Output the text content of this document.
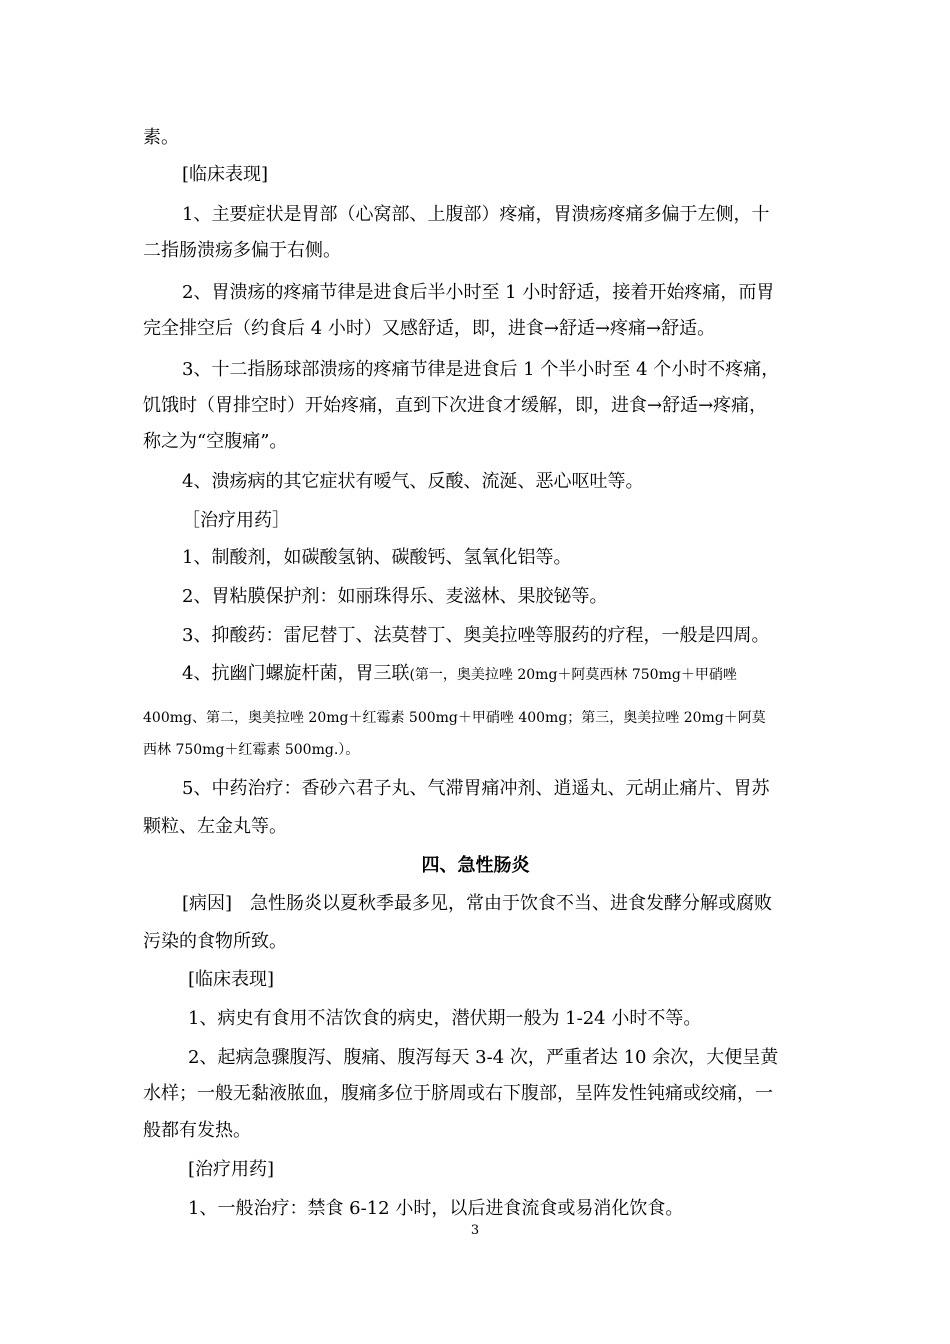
素。

[临床表现]

1、主要症状是胃部（心窝部、上腹部）疼痛，胃溃疡疼痛多偏于左侧，十

二指肠溃疡多偏于右侧。

2、胃溃疡的疼痛节律是进食后半小时至 1 小时舒适，接着开始疼痛，而胃

完全排空后（约食后 4 小时）又感舒适，即，进食→舒适→疼痛→舒适。

3、十二指肠球部溃疡的疼痛节律是进食后 1 个半小时至 4 个小时不疼痛，

饥饿时（胃排空时）开始疼痛，直到下次进食才缓解，即，进食→舒适→疼痛，

称之为“空腹痛”。

4、溃疡病的其它症状有嗳气、反酸、流涎、恶心呕吐等。

［治疗用药］

1、制酸剂，如碳酸氢钠、碳酸钙、氢氧化铝等。

2、胃粘膜保护剂：如丽珠得乐、麦滋林、果胶铋等。

3、抑酸药：雷尼替丁、法莫替丁、奥美拉唑等服药的疗程，一般是四周。

4、抗幽门螺旋杆菌，胃三联(第一，奥美拉唑 20mg＋阿莫西林 750mg＋甲硝唑

400mg、第二，奥美拉唑 20mg＋红霉素 500mg＋甲硝唑 400mg；第三，奥美拉唑 20mg＋阿莫

西林 750mg＋红霉素 500mg.）。

5、中药治疗：香砂六君子丸、气滞胃痛冲剂、逍遥丸、元胡止痛片、胃苏

颗粒、左金丸等。

四、急性肠炎

[病因]　急性肠炎以夏秋季最多见，常由于饮食不当、进食发酵分解或腐败

污染的食物所致。

[临床表现]

1、病史有食用不洁饮食的病史，潜伏期一般为 1-24 小时不等。

2、起病急骤腹泻、腹痛、腹泻每天 3-4 次，严重者达 10 余次，大便呈黄

水样；一般无黏液脓血，腹痛多位于脐周或右下腹部，呈阵发性钝痛或绞痛，一

般都有发热。

[治疗用药]

1、一般治疗：禁食 6-12 小时，以后进食流食或易消化饮食。

3
